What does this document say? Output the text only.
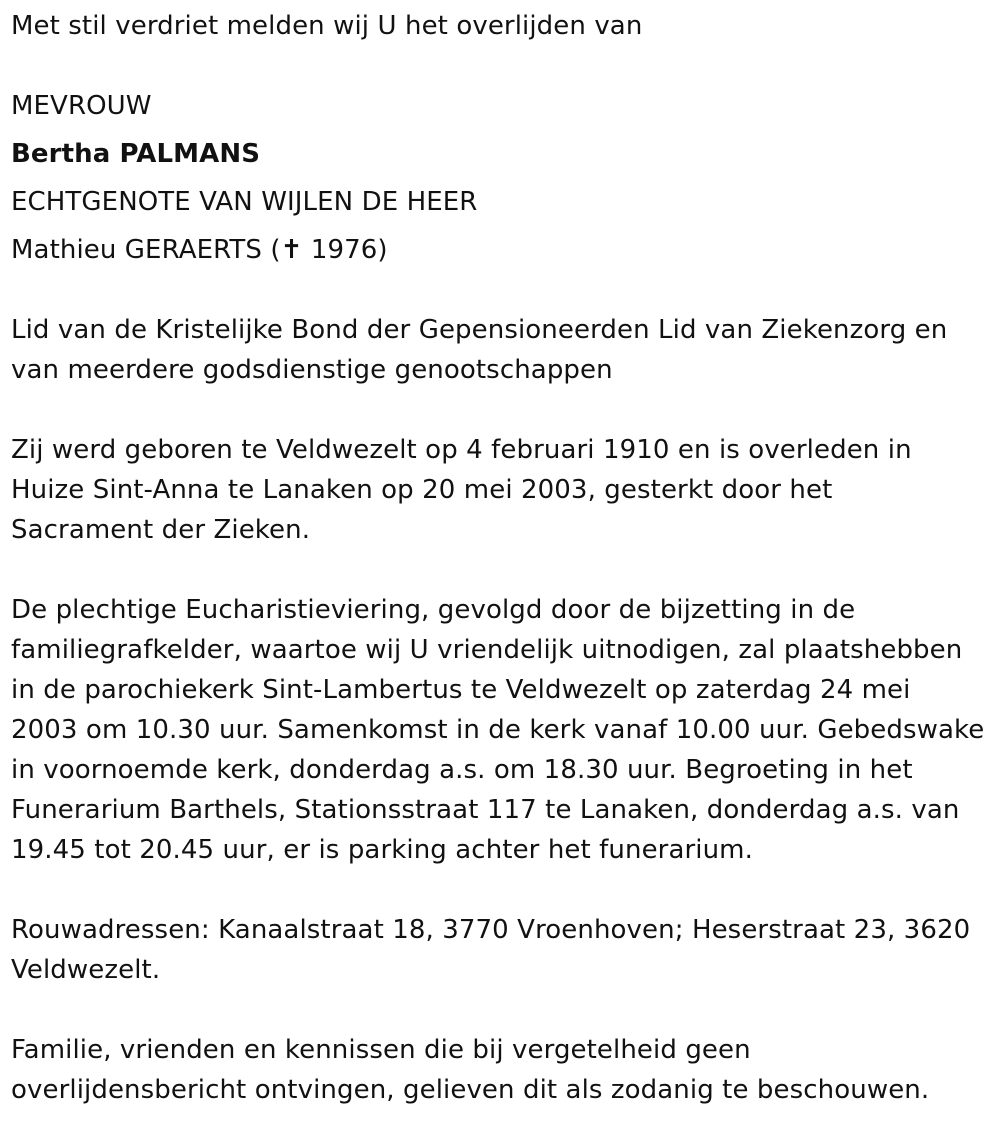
Met stil verdriet melden wij U het overlijden van
MEVROUW
Bertha PALMANS
ECHTGENOTE VAN WIJLEN DE HEER
Mathieu GERAERTS (✝ 1976)
Lid van de Kristelijke Bond der Gepensioneerden Lid van Ziekenzorg en
van meerdere godsdienstige genootschappen
Zij werd geboren te Veldwezelt op 4 februari 1910 en is overleden in
Huize Sint-Anna te Lanaken op 20 mei 2003, gesterkt door het
Sacrament der Zieken.
De plechtige Eucharistieviering, gevolgd door de bijzetting in de
familiegrafkelder, waartoe wij U vriendelijk uitnodigen, zal plaatshebben
in de parochiekerk Sint-Lambertus te Veldwezelt op zaterdag 24 mei
2003 om 10.30 uur. Samenkomst in de kerk vanaf 10.00 uur. Gebedswake
in voornoemde kerk, donderdag a.s. om 18.30 uur. Begroeting in het
Funerarium Barthels, Stationsstraat 117 te Lanaken, donderdag a.s. van
19.45 tot 20.45 uur, er is parking achter het funerarium.
Rouwadressen: Kanaalstraat 18, 3770 Vroenhoven; Heserstraat 23, 3620
Veldwezelt.
Familie, vrienden en kennissen die bij vergetelheid geen
overlijdensbericht ontvingen, gelieven dit als zodanig te beschouwen.
